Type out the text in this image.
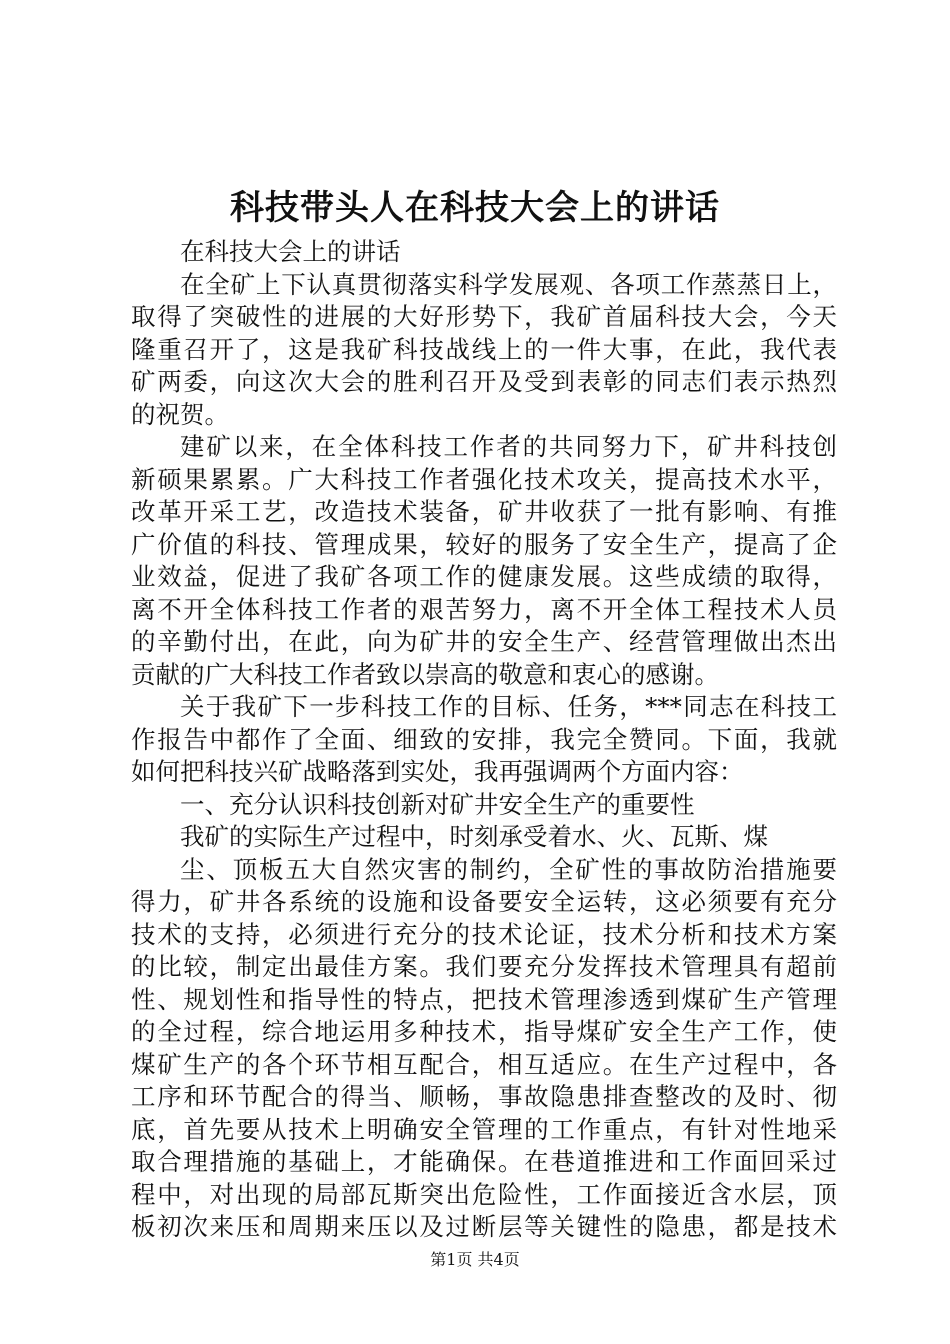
科技带头人在科技大会上的讲话
在科技大会上的讲话
在全矿上下认真贯彻落实科学发展观、各项工作蒸蒸日上，
取得了突破性的进展的大好形势下，我矿首届科技大会，今天
隆重召开了，这是我矿科技战线上的一件大事，在此，我代表
矿两委，向这次大会的胜利召开及受到表彰的同志们表示热烈
的祝贺。
建矿以来，在全体科技工作者的共同努力下，矿井科技创
新硕果累累。广大科技工作者强化技术攻关，提高技术水平，
改革开采工艺，改造技术装备，矿井收获了一批有影响、有推
广价值的科技、管理成果，较好的服务了安全生产，提高了企
业效益，促进了我矿各项工作的健康发展。这些成绩的取得，
离不开全体科技工作者的艰苦努力，离不开全体工程技术人员
的辛勤付出，在此，向为矿井的安全生产、经营管理做出杰出
贡献的广大科技工作者致以崇高的敬意和衷心的感谢。
关于我矿下一步科技工作的目标、任务，***同志在科技工
作报告中都作了全面、细致的安排，我完全赞同。下面，我就
如何把科技兴矿战略落到实处，我再强调两个方面内容：
一、充分认识科技创新对矿井安全生产的重要性
我矿的实际生产过程中，时刻承受着水、火、瓦斯、煤
尘、顶板五大自然灾害的制约，全矿性的事故防治措施要
得力，矿井各系统的设施和设备要安全运转，这必须要有充分
技术的支持，必须进行充分的技术论证，技术分析和技术方案
的比较，制定出最佳方案。我们要充分发挥技术管理具有超前
性、规划性和指导性的特点，把技术管理渗透到煤矿生产管理
的全过程，综合地运用多种技术，指导煤矿安全生产工作，使
煤矿生产的各个环节相互配合，相互适应。在生产过程中，各
工序和环节配合的得当、顺畅，事故隐患排查整改的及时、彻
底，首先要从技术上明确安全管理的工作重点，有针对性地采
取合理措施的基础上，才能确保。在巷道推进和工作面回采过
程中，对出现的局部瓦斯突出危险性，工作面接近含水层，顶
板初次来压和周期来压以及过断层等关键性的隐患，都是技术
第1页 共4页
